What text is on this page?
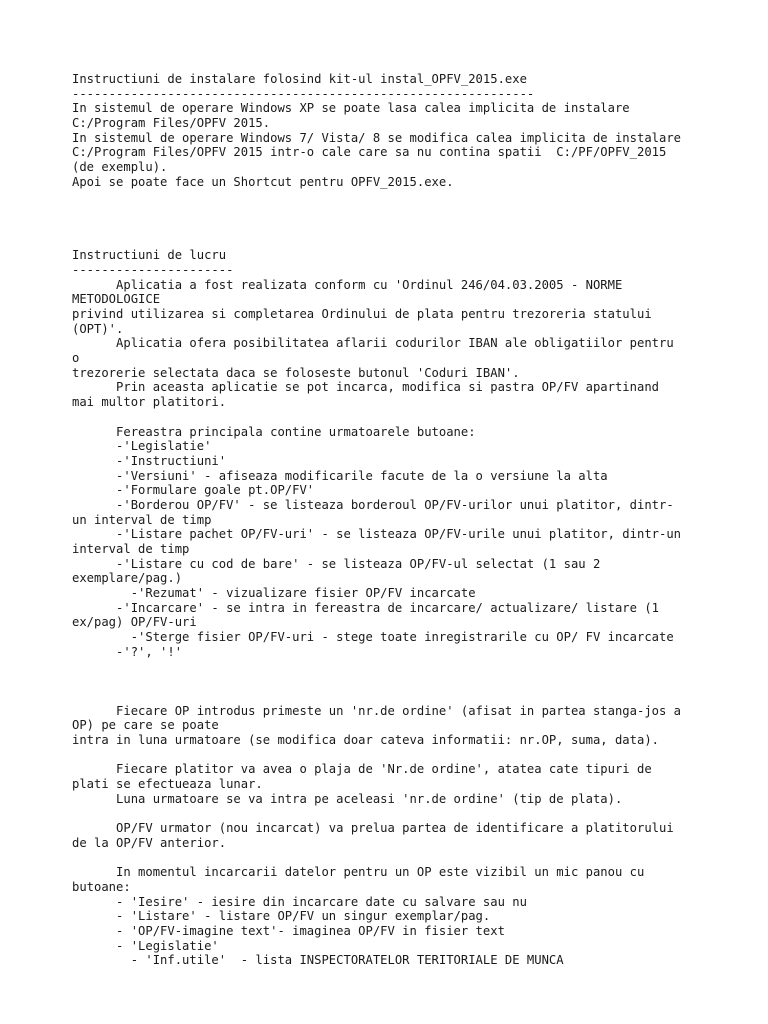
Instructiuni de instalare folosind kit-ul instal_OPFV_2015.exe
---------------------------------------------------------------
In sistemul de operare Windows XP se poate lasa calea implicita de instalare
C:/Program Files/OPFV 2015.
In sistemul de operare Windows 7/ Vista/ 8 se modifica calea implicita de instalare
C:/Program Files/OPFV 2015 intr-o cale care sa nu contina spatii  C:/PF/OPFV_2015
(de exemplu).
Apoi se poate face un Shortcut pentru OPFV_2015.exe.
Instructiuni de lucru
----------------------
Aplicatia a fost realizata conform cu 'Ordinul 246/04.03.2005 - NORME
METODOLOGICE
privind utilizarea si completarea Ordinului de plata pentru trezoreria statului
(OPT)'.
Aplicatia ofera posibilitatea aflarii codurilor IBAN ale obligatiilor pentru
o
trezorerie selectata daca se foloseste butonul 'Coduri IBAN'.
Prin aceasta aplicatie se pot incarca, modifica si pastra OP/FV apartinand
mai multor platitori.
Fereastra principala contine urmatoarele butoane:
-'Legislatie'
-'Instructiuni'
-'Versiuni' - afiseaza modificarile facute de la o versiune la alta
-'Formulare goale pt.OP/FV'
-'Borderou OP/FV' - se listeaza borderoul OP/FV-urilor unui platitor, dintr-
un interval de timp
-'Listare pachet OP/FV-uri' - se listeaza OP/FV-urile unui platitor, dintr-un
interval de timp
-'Listare cu cod de bare' - se listeaza OP/FV-ul selectat (1 sau 2
exemplare/pag.)
-'Rezumat' - vizualizare fisier OP/FV incarcate
-'Incarcare' - se intra in fereastra de incarcare/ actualizare/ listare (1
ex/pag) OP/FV-uri
-'Sterge fisier OP/FV-uri - stege toate inregistrarile cu OP/ FV incarcate
-'?', '!'
Fiecare OP introdus primeste un 'nr.de ordine' (afisat in partea stanga-jos a
OP) pe care se poate
intra in luna urmatoare (se modifica doar cateva informatii: nr.OP, suma, data).
Fiecare platitor va avea o plaja de 'Nr.de ordine', atatea cate tipuri de
plati se efectueaza lunar.
Luna urmatoare se va intra pe aceleasi 'nr.de ordine' (tip de plata).
OP/FV urmator (nou incarcat) va prelua partea de identificare a platitorului
de la OP/FV anterior.
In momentul incarcarii datelor pentru un OP este vizibil un mic panou cu
butoane:
- 'Iesire' - iesire din incarcare date cu salvare sau nu
- 'Listare' - listare OP/FV un singur exemplar/pag.
- 'OP/FV-imagine text'- imaginea OP/FV in fisier text
- 'Legislatie'
- 'Inf.utile'  - lista INSPECTORATELOR TERITORIALE DE MUNCA
